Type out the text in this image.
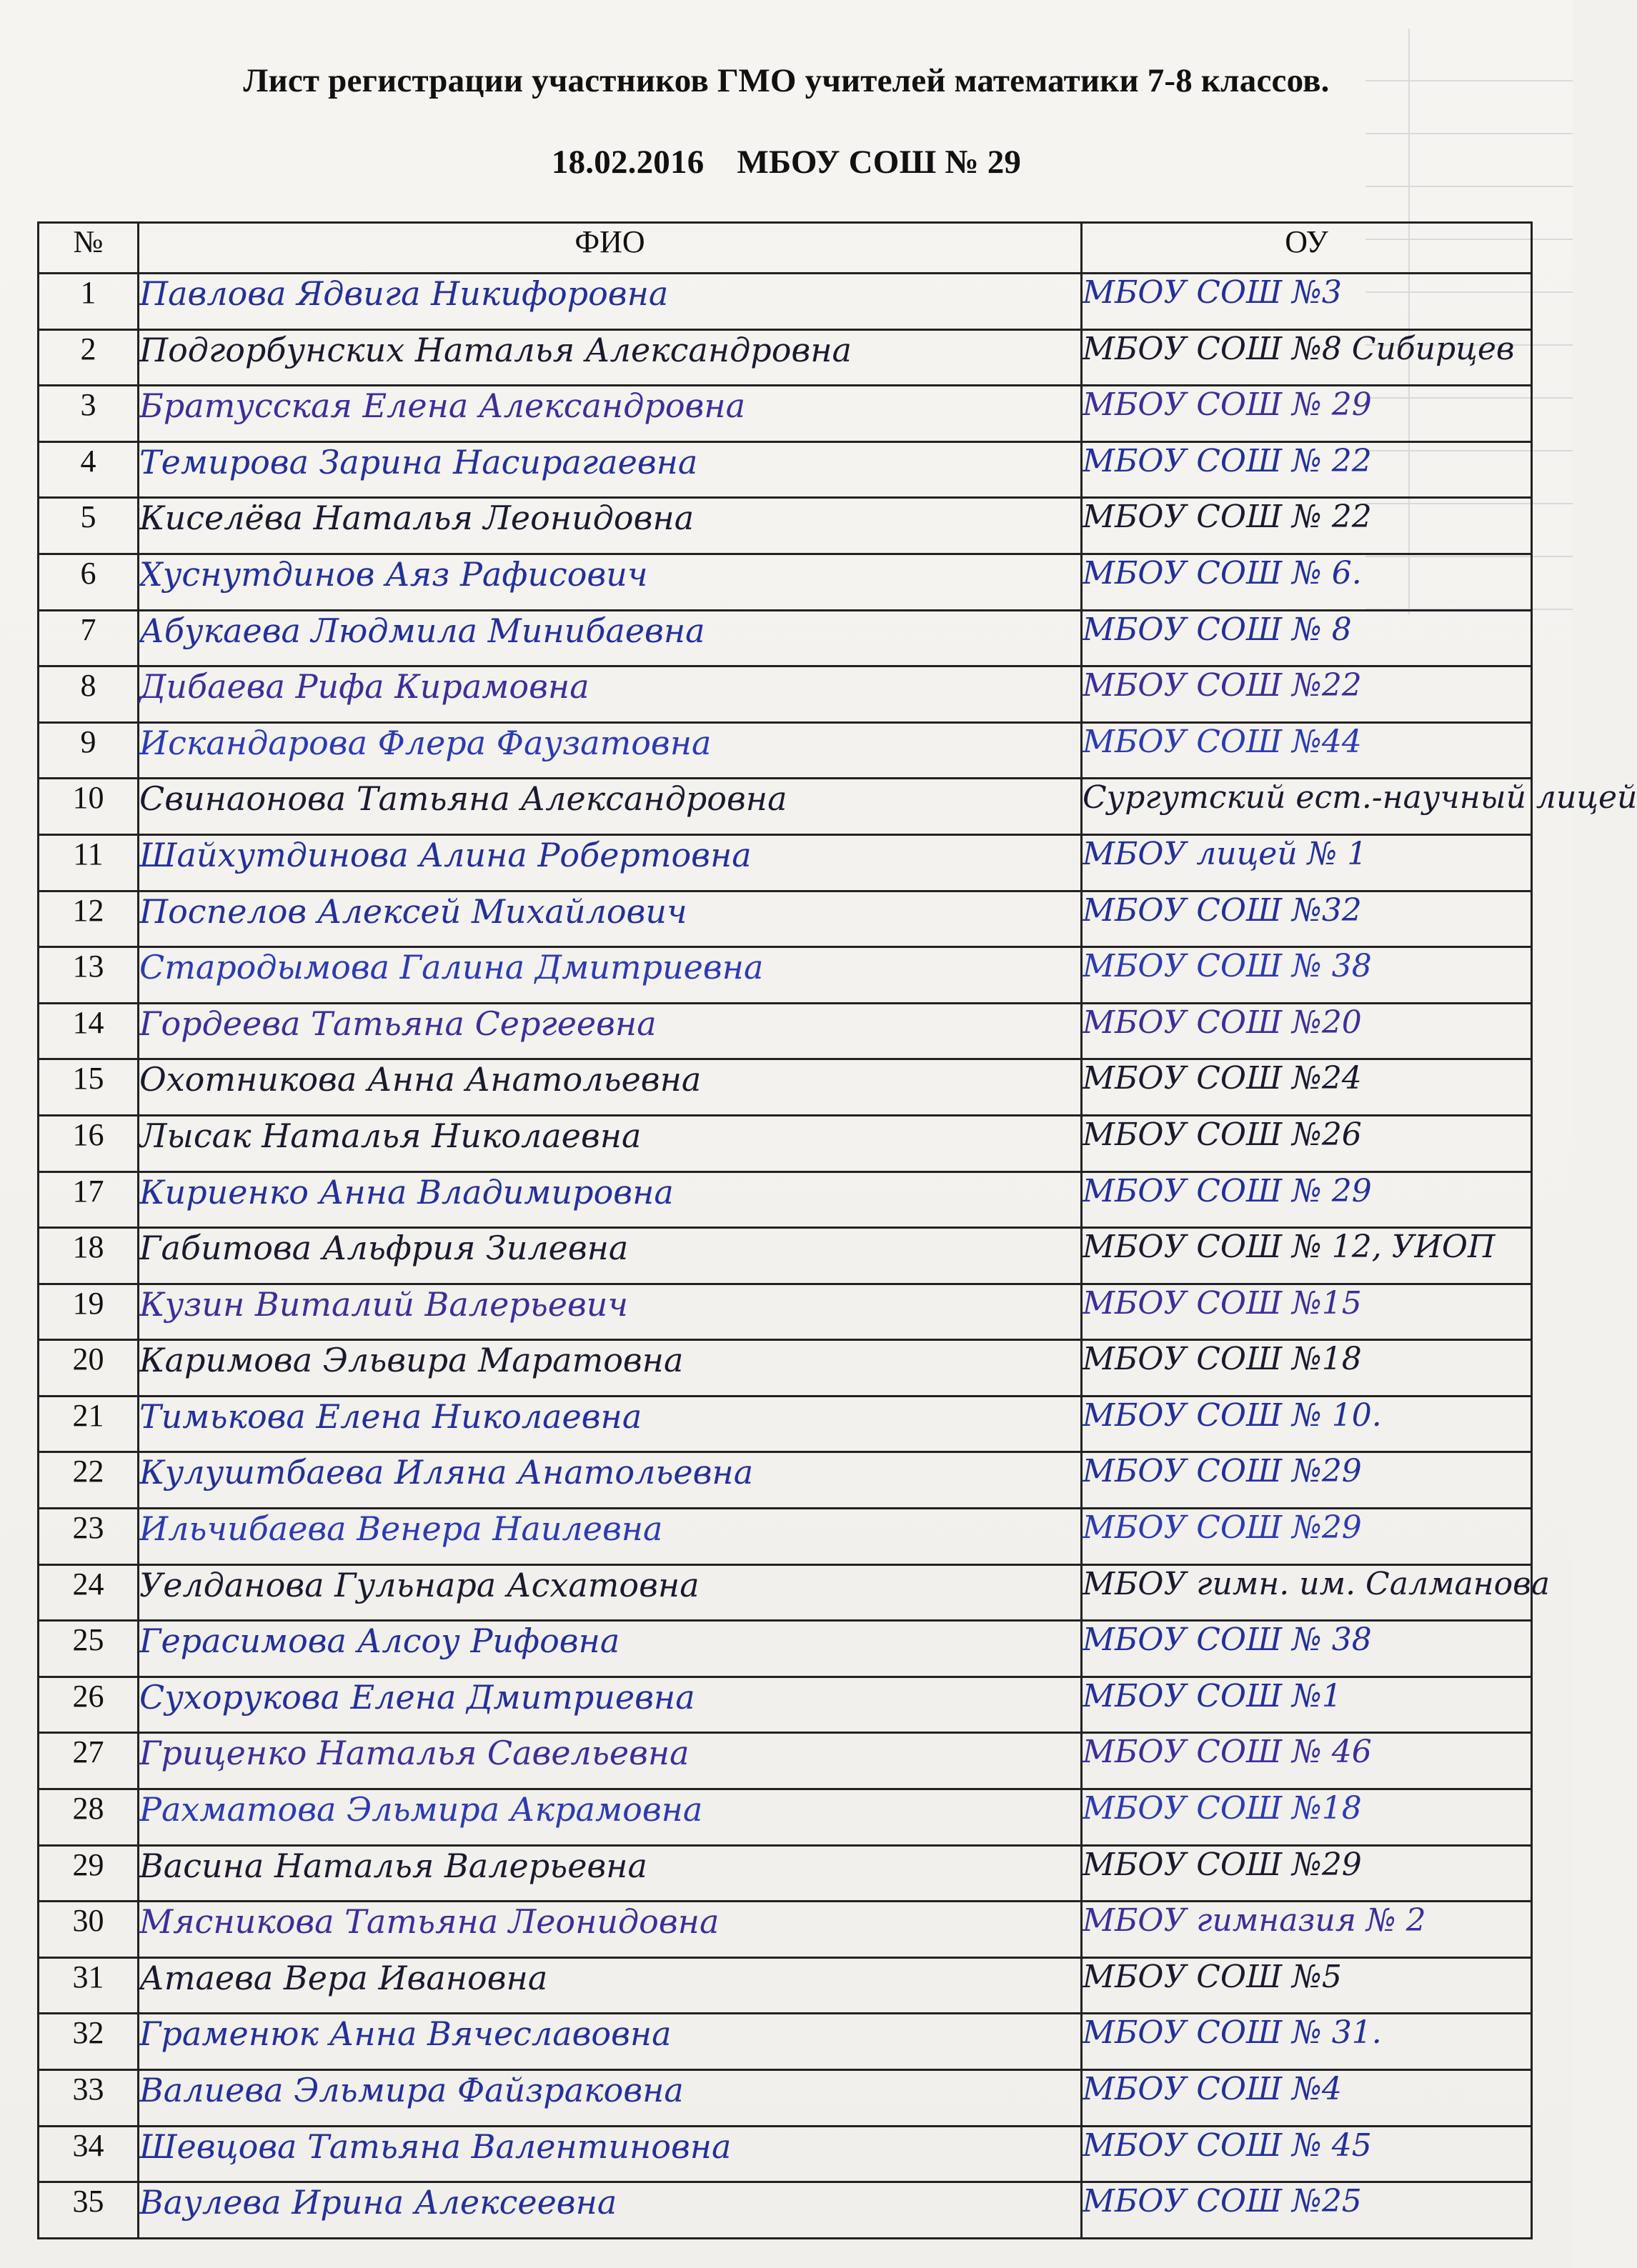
Лист регистрации участников ГМО учителей математики 7-8 классов.
18.02.2016 МБОУ СОШ № 29
№	ФИО	ОУ
1	Павлова Ядвига Никифоровна	МБОУ СОШ №3
2	Подгорбунских Наталья Александровна	МБОУ СОШ №8 Сибирцев
3	Братусская Елена Александровна	МБОУ СОШ № 29
4	Темирова Зарина Насирагаевна	МБОУ СОШ № 22
5	Киселёва Наталья Леонидовна	МБОУ СОШ № 22
6	Хуснутдинов Аяз Рафисович	МБОУ СОШ № 6.
7	Абукаева Людмила Минибаевна	МБОУ СОШ № 8
8	Дибаева Рифа Кирамовна	МБОУ СОШ №22
9	Искандарова Флера Фаузатовна	МБОУ СОШ №44
10	Свинаонова Татьяна Александровна	Сургутский ест.-научный лицей
11	Шайхутдинова Алина Робертовна	МБОУ лицей № 1
12	Поспелов Алексей Михайлович	МБОУ СОШ №32
13	Стародымова Галина Дмитриевна	МБОУ СОШ № 38
14	Гордеева Татьяна Сергеевна	МБОУ СОШ №20
15	Охотникова Анна Анатольевна	МБОУ СОШ №24
16	Лысак Наталья Николаевна	МБОУ СОШ №26
17	Кириенко Анна Владимировна	МБОУ СОШ № 29
18	Габитова Альфрия Зилевна	МБОУ СОШ № 12, УИОП
19	Кузин Виталий Валерьевич	МБОУ СОШ №15
20	Каримова Эльвира Маратовна	МБОУ СОШ №18
21	Тимькова Елена Николаевна	МБОУ СОШ № 10.
22	Кулуштбаева Иляна Анатольевна	МБОУ СОШ №29
23	Ильчибаева Венера Наилевна	МБОУ СОШ №29
24	Уелданова Гульнара Асхатовна	МБОУ гимн. им. Салманова
25	Герасимова Алсоу Рифовна	МБОУ СОШ № 38
26	Сухорукова Елена Дмитриевна	МБОУ СОШ №1
27	Гриценко Наталья Савельевна	МБОУ СОШ № 46
28	Рахматова Эльмира Акрамовна	МБОУ СОШ №18
29	Васина Наталья Валерьевна	МБОУ СОШ №29
30	Мясникова Татьяна Леонидовна	МБОУ гимназия № 2
31	Атаева Вера Ивановна	МБОУ СОШ №5
32	Граменюк Анна Вячеславовна	МБОУ СОШ № 31.
33	Валиева Эльмира Файзраковна	МБОУ СОШ №4
34	Шевцова Татьяна Валентиновна	МБОУ СОШ № 45
35	Ваулева Ирина Алексеевна	МБОУ СОШ №25
